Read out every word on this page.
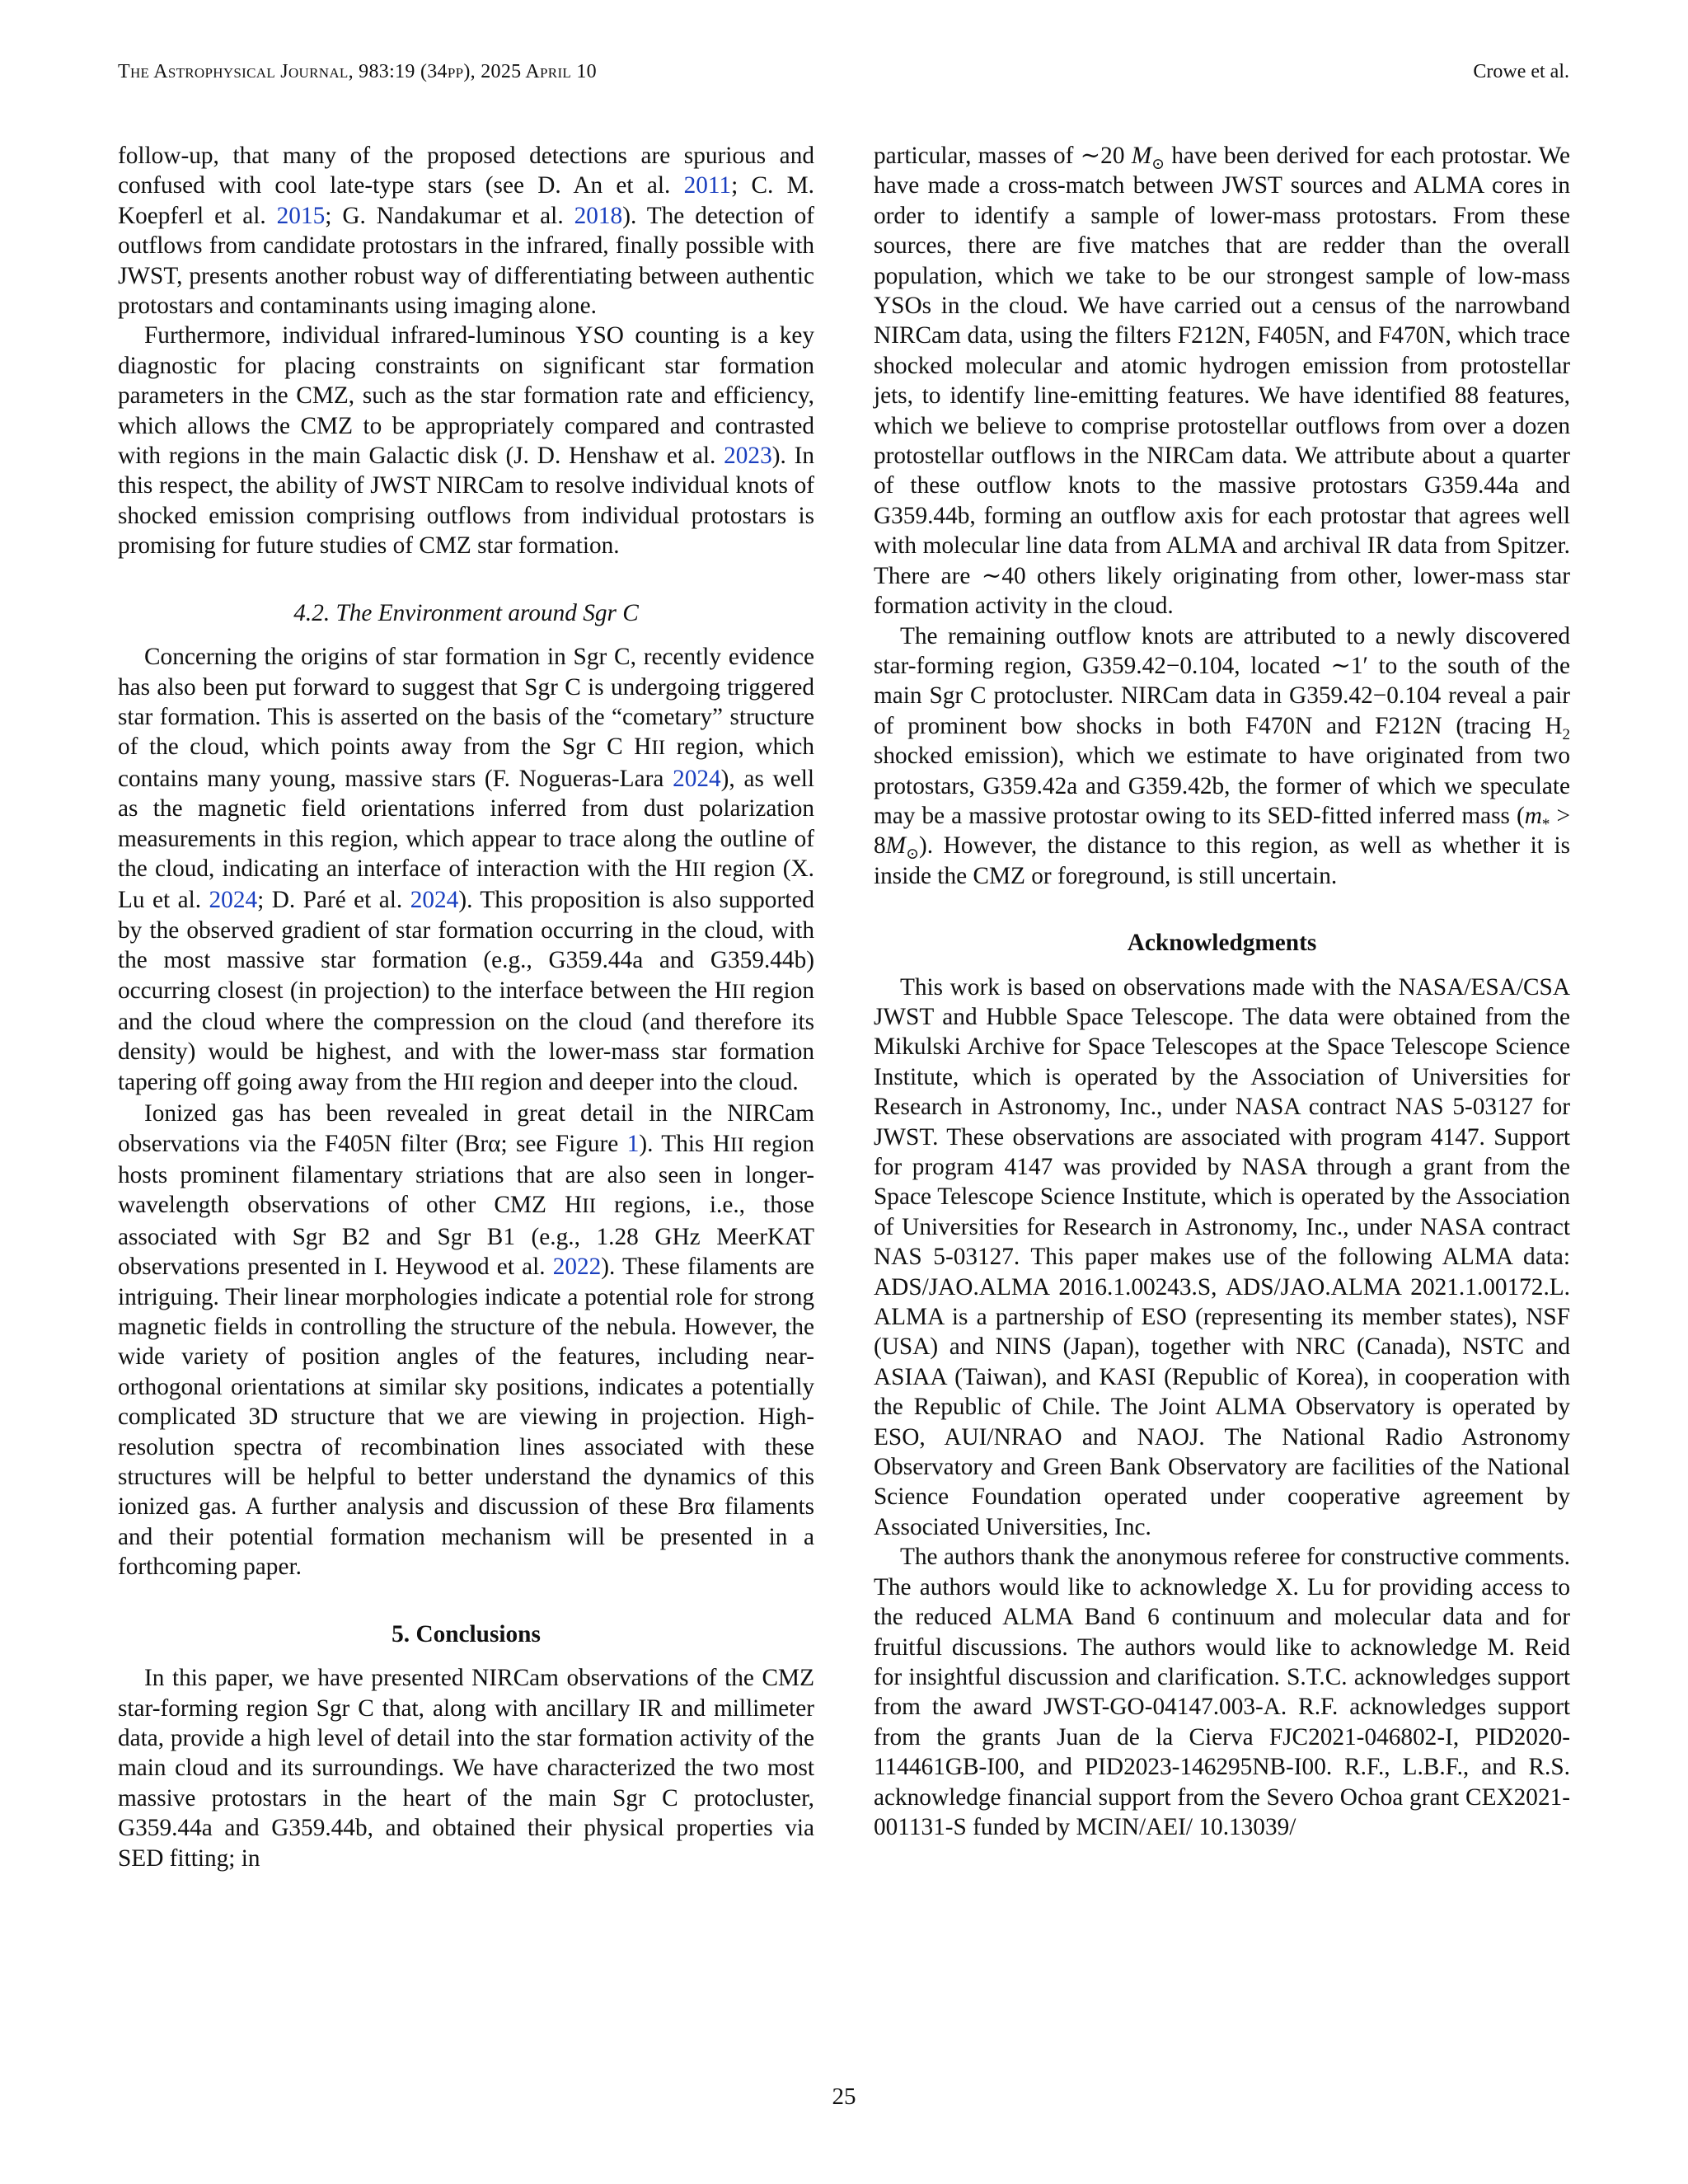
The Astrophysical Journal, 983:19 (34pp), 2025 April 10	Crowe et al.

follow-up, that many of the proposed detections are spurious and confused with cool late-type stars (see D. An et al. 2011; C. M. Koepferl et al. 2015; G. Nandakumar et al. 2018). The detection of outflows from candidate protostars in the infrared, finally possible with JWST, presents another robust way of differentiating between authentic protostars and contaminants using imaging alone.

Furthermore, individual infrared-luminous YSO counting is a key diagnostic for placing constraints on significant star formation parameters in the CMZ, such as the star formation rate and efficiency, which allows the CMZ to be appropriately compared and contrasted with regions in the main Galactic disk (J. D. Henshaw et al. 2023). In this respect, the ability of JWST NIRCam to resolve individual knots of shocked emission comprising outflows from individual protostars is promising for future studies of CMZ star formation.

4.2. The Environment around Sgr C

Concerning the origins of star formation in Sgr C, recently evidence has also been put forward to suggest that Sgr C is undergoing triggered star formation. This is asserted on the basis of the “cometary” structure of the cloud, which points away from the Sgr C HII region, which contains many young, massive stars (F. Nogueras-Lara 2024), as well as the magnetic field orientations inferred from dust polarization measurements in this region, which appear to trace along the outline of the cloud, indicating an interface of interaction with the HII region (X. Lu et al. 2024; D. Paré et al. 2024). This proposition is also supported by the observed gradient of star formation occurring in the cloud, with the most massive star formation (e.g., G359.44a and G359.44b) occurring closest (in projection) to the interface between the HII region and the cloud where the compression on the cloud (and therefore its density) would be highest, and with the lower-mass star formation tapering off going away from the HII region and deeper into the cloud.

Ionized gas has been revealed in great detail in the NIRCam observations via the F405N filter (Brα; see Figure 1). This HII region hosts prominent filamentary striations that are also seen in longer-wavelength observations of other CMZ HII regions, i.e., those associated with Sgr B2 and Sgr B1 (e.g., 1.28 GHz MeerKAT observations presented in I. Heywood et al. 2022). These filaments are intriguing. Their linear morphologies indicate a potential role for strong magnetic fields in controlling the structure of the nebula. However, the wide variety of position angles of the features, including near-orthogonal orientations at similar sky positions, indicates a potentially complicated 3D structure that we are viewing in projection. High-resolution spectra of recombination lines associated with these structures will be helpful to better understand the dynamics of this ionized gas. A further analysis and discussion of these Brα filaments and their potential formation mechanism will be presented in a forthcoming paper.

5. Conclusions

In this paper, we have presented NIRCam observations of the CMZ star-forming region Sgr C that, along with ancillary IR and millimeter data, provide a high level of detail into the star formation activity of the main cloud and its surroundings. We have characterized the two most massive protostars in the heart of the main Sgr C protocluster, G359.44a and G359.44b, and obtained their physical properties via SED fitting; in

particular, masses of ∼20 $M_⊙$ have been derived for each protostar. We have made a cross-match between JWST sources and ALMA cores in order to identify a sample of lower-mass protostars. From these sources, there are five matches that are redder than the overall population, which we take to be our strongest sample of low-mass YSOs in the cloud. We have carried out a census of the narrowband NIRCam data, using the filters F212N, F405N, and F470N, which trace shocked molecular and atomic hydrogen emission from protostellar jets, to identify line-emitting features. We have identified 88 features, which we believe to comprise protostellar outflows from over a dozen protostellar outflows in the NIRCam data. We attribute about a quarter of these outflow knots to the massive protostars G359.44a and G359.44b, forming an outflow axis for each protostar that agrees well with molecular line data from ALMA and archival IR data from Spitzer. There are ∼40 others likely originating from other, lower-mass star formation activity in the cloud.

The remaining outflow knots are attributed to a newly discovered star-forming region, G359.42−0.104, located ∼1′ to the south of the main Sgr C protocluster. NIRCam data in G359.42−0.104 reveal a pair of prominent bow shocks in both F470N and F212N (tracing $H_2$ shocked emission), which we estimate to have originated from two protostars, G359.42a and G359.42b, the former of which we speculate may be a massive protostar owing to its SED-fitted inferred mass $(m_* > 8M_⊙)$. However, the distance to this region, as well as whether it is inside the CMZ or foreground, is still uncertain.

Acknowledgments

This work is based on observations made with the NASA/ESA/CSA JWST and Hubble Space Telescope. The data were obtained from the Mikulski Archive for Space Telescopes at the Space Telescope Science Institute, which is operated by the Association of Universities for Research in Astronomy, Inc., under NASA contract NAS 5-03127 for JWST. These observations are associated with program 4147. Support for program 4147 was provided by NASA through a grant from the Space Telescope Science Institute, which is operated by the Association of Universities for Research in Astronomy, Inc., under NASA contract NAS 5-03127. This paper makes use of the following ALMA data: ADS/JAO.ALMA 2016.1.00243.S, ADS/JAO.ALMA 2021.1.00172.L. ALMA is a partnership of ESO (representing its member states), NSF (USA) and NINS (Japan), together with NRC (Canada), NSTC and ASIAA (Taiwan), and KASI (Republic of Korea), in cooperation with the Republic of Chile. The Joint ALMA Observatory is operated by ESO, AUI/NRAO and NAOJ. The National Radio Astronomy Observatory and Green Bank Observatory are facilities of the National Science Foundation operated under cooperative agreement by Associated Universities, Inc.

The authors thank the anonymous referee for constructive comments. The authors would like to acknowledge X. Lu for providing access to the reduced ALMA Band 6 continuum and molecular data and for fruitful discussions. The authors would like to acknowledge M. Reid for insightful discussion and clarification. S.T.C. acknowledges support from the award JWST-GO-04147.003-A. R.F. acknowledges support from the grants Juan de la Cierva FJC2021-046802-I, PID2020-114461GB-I00, and PID2023-146295NB-I00. R.F., L.B.F., and R.S. acknowledge financial support from the Severo Ochoa grant CEX2021-001131-S funded by MCIN/AEI/ 10.13039/

25
